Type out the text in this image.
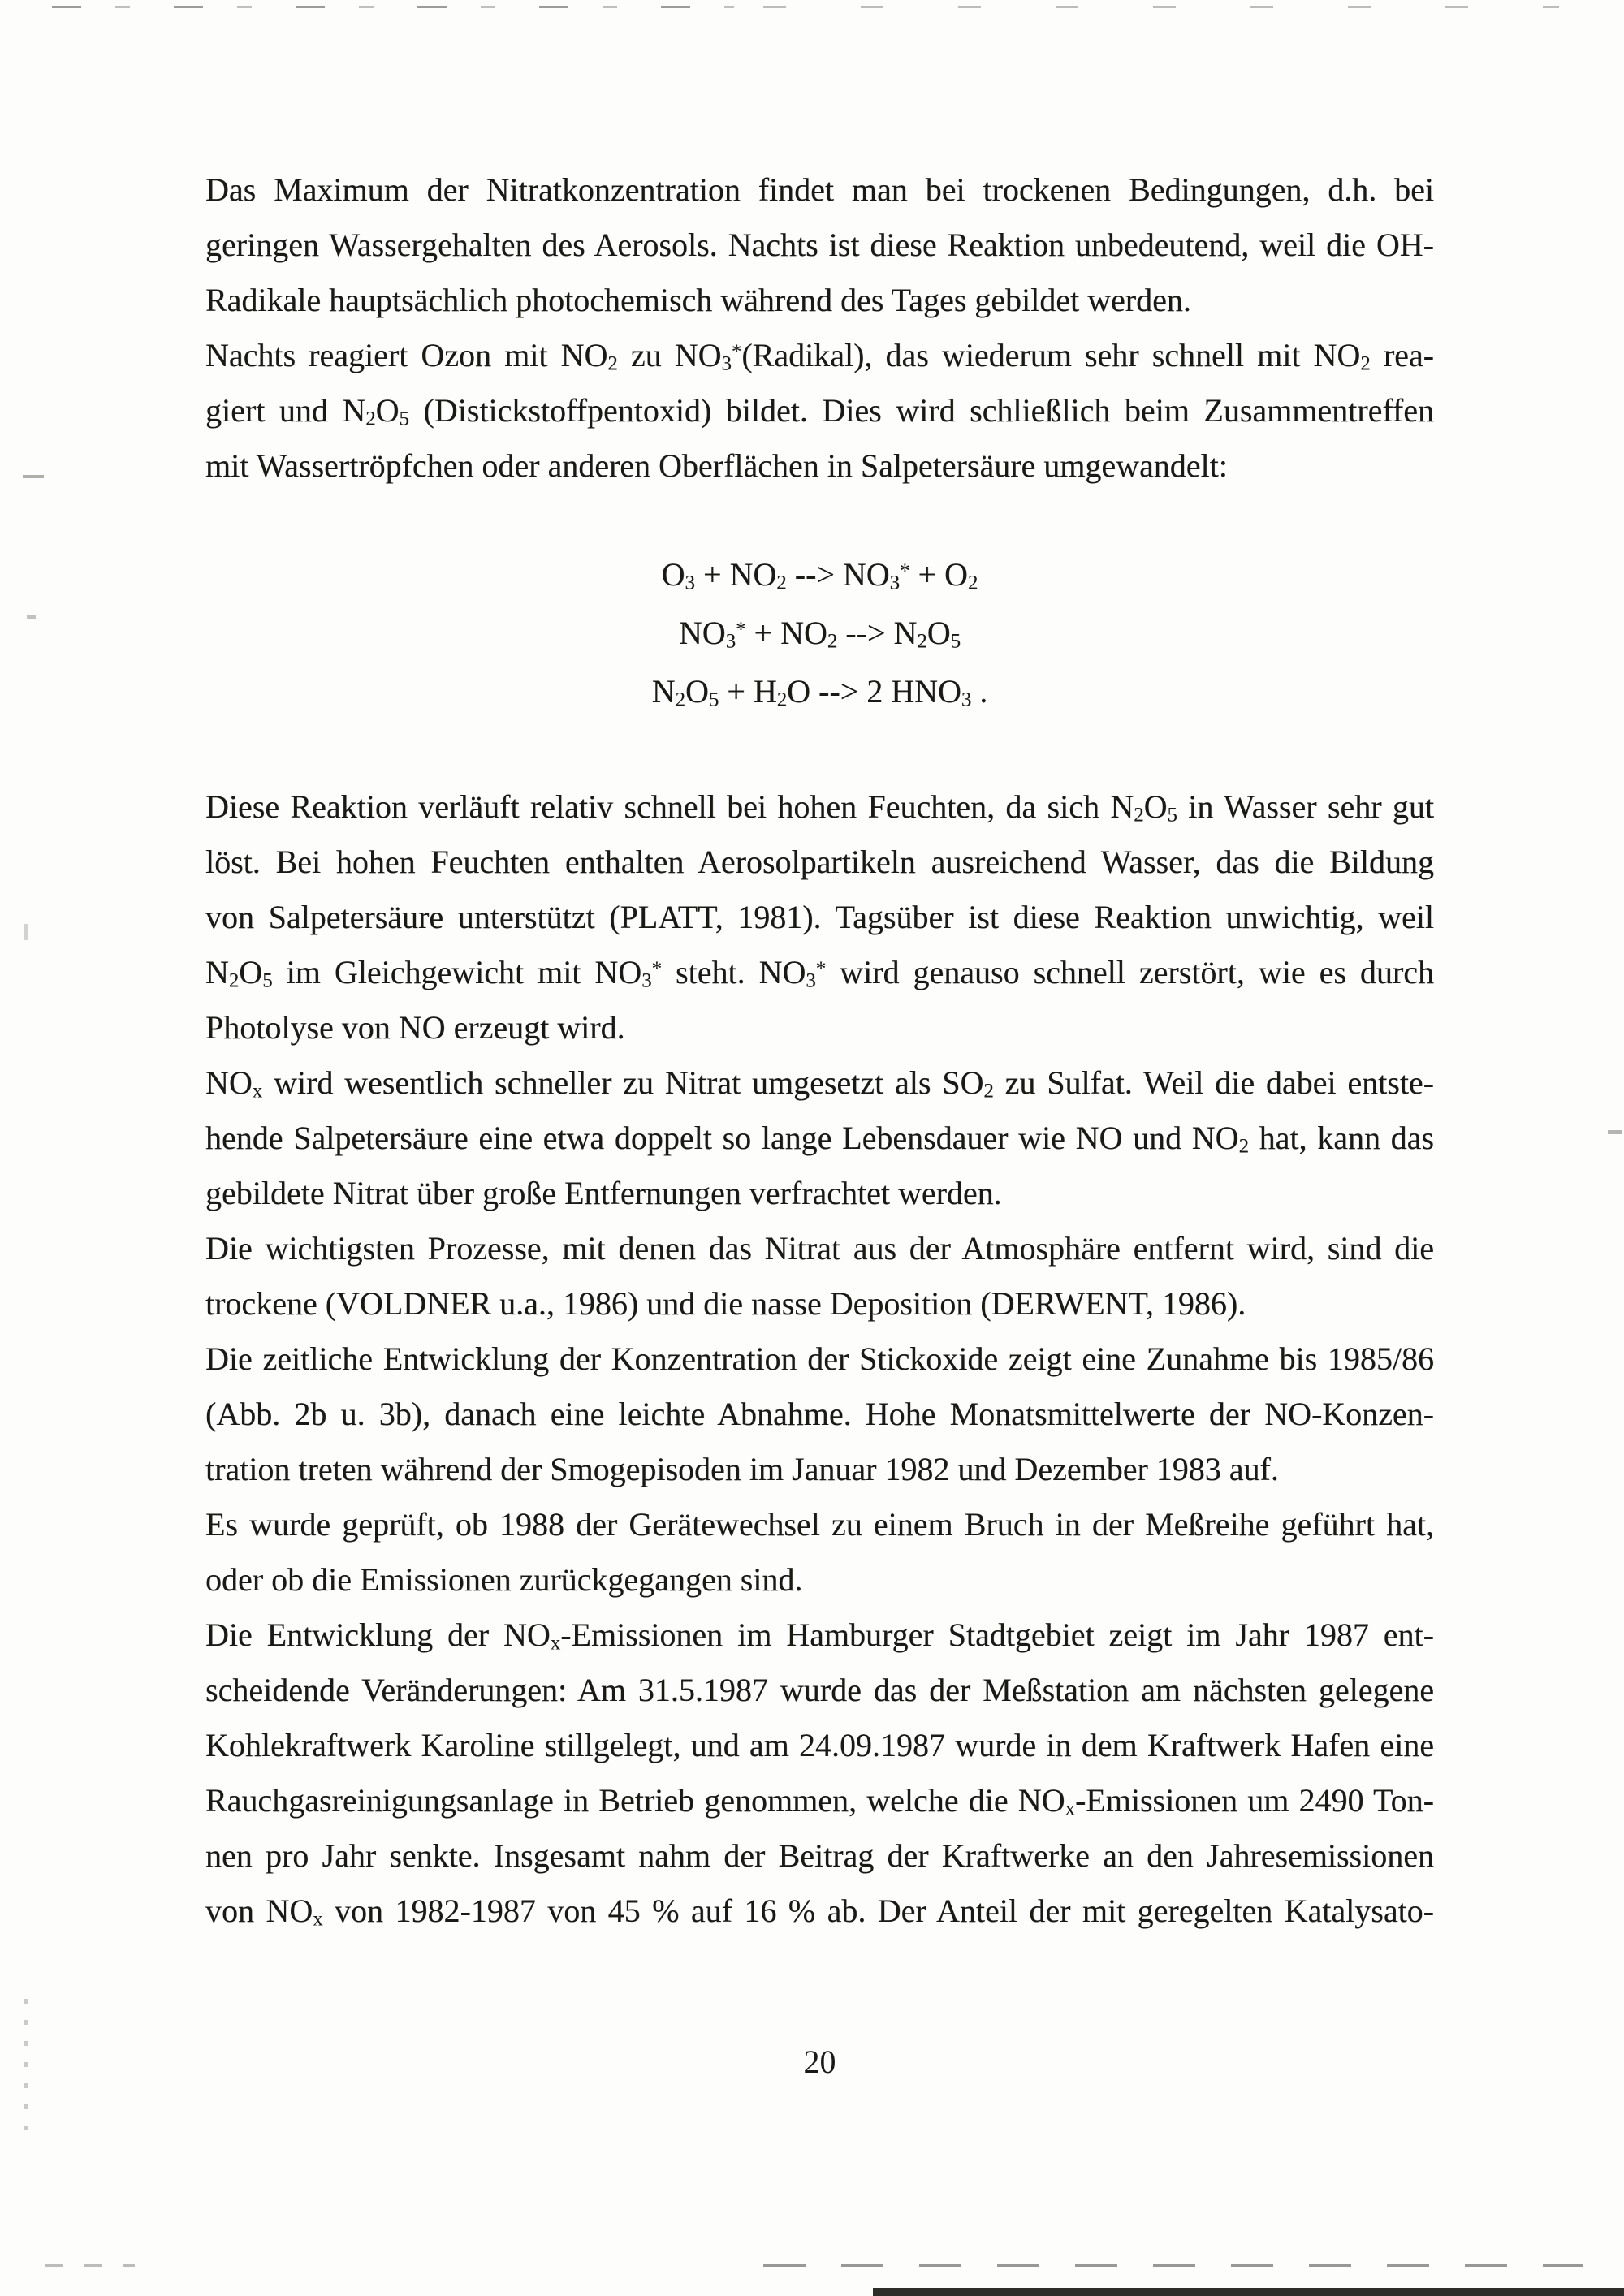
Das Maximum der Nitratkonzentration findet man bei trockenen Bedingungen, d.h. bei
geringen Wassergehalten des Aerosols. Nachts ist diese Reaktion unbedeutend, weil die OH-
Radikale hauptsächlich photochemisch während des Tages gebildet werden.
Nachts reagiert Ozon mit $NO_2$ zu $NO_3^*(Radikal)$, das wiederum sehr schnell mit $NO_2$ rea-
giert und $N_2O_5$ (Distickstoffpentoxid) bildet. Dies wird schließlich beim Zusammentreffen
mit Wassertröpfchen oder anderen Oberflächen in Salpetersäure umgewandelt:
$O_3 + NO_2$ --> $NO_3^* + O_2$
$NO_3^* + NO_2$ --> $N_2O_5$
$N_2O_5 + H_2O$ --> 2 $HNO_3$ .
Diese Reaktion verläuft relativ schnell bei hohen Feuchten, da sich $N_2O_5$ in Wasser sehr gut
löst. Bei hohen Feuchten enthalten Aerosolpartikeln ausreichend Wasser, das die Bildung
von Salpetersäure unterstützt (PLATT, 1981). Tagsüber ist diese Reaktion unwichtig, weil
$N_2O_5$ im Gleichgewicht mit $NO_3^*$ steht. $NO_3^*$ wird genauso schnell zerstört, wie es durch
Photolyse von NO erzeugt wird.
$NO_x$ wird wesentlich schneller zu Nitrat umgesetzt als $SO_2$ zu Sulfat. Weil die dabei entste-
hende Salpetersäure eine etwa doppelt so lange Lebensdauer wie NO und $NO_2$ hat, kann das
gebildete Nitrat über große Entfernungen verfrachtet werden.
Die wichtigsten Prozesse, mit denen das Nitrat aus der Atmosphäre entfernt wird, sind die
trockene (VOLDNER u.a., 1986) und die nasse Deposition (DERWENT, 1986).
Die zeitliche Entwicklung der Konzentration der Stickoxide zeigt eine Zunahme bis 1985/86
(Abb. 2b u. 3b), danach eine leichte Abnahme. Hohe Monatsmittelwerte der NO-Konzen-
tration treten während der Smogepisoden im Januar 1982 und Dezember 1983 auf.
Es wurde geprüft, ob 1988 der Gerätewechsel zu einem Bruch in der Meßreihe geführt hat,
oder ob die Emissionen zurückgegangen sind.
Die Entwicklung der $NO_x$-Emissionen im Hamburger Stadtgebiet zeigt im Jahr 1987 ent-
scheidende Veränderungen: Am 31.5.1987 wurde das der Meßstation am nächsten gelegene
Kohlekraftwerk Karoline stillgelegt, und am 24.09.1987 wurde in dem Kraftwerk Hafen eine
Rauchgasreinigungsanlage in Betrieb genommen, welche die $NO_x$-Emissionen um 2490 Ton-
nen pro Jahr senkte. Insgesamt nahm der Beitrag der Kraftwerke an den Jahresemissionen
von $NO_x$ von 1982-1987 von 45 % auf 16 % ab. Der Anteil der mit geregelten Katalysato-
20
